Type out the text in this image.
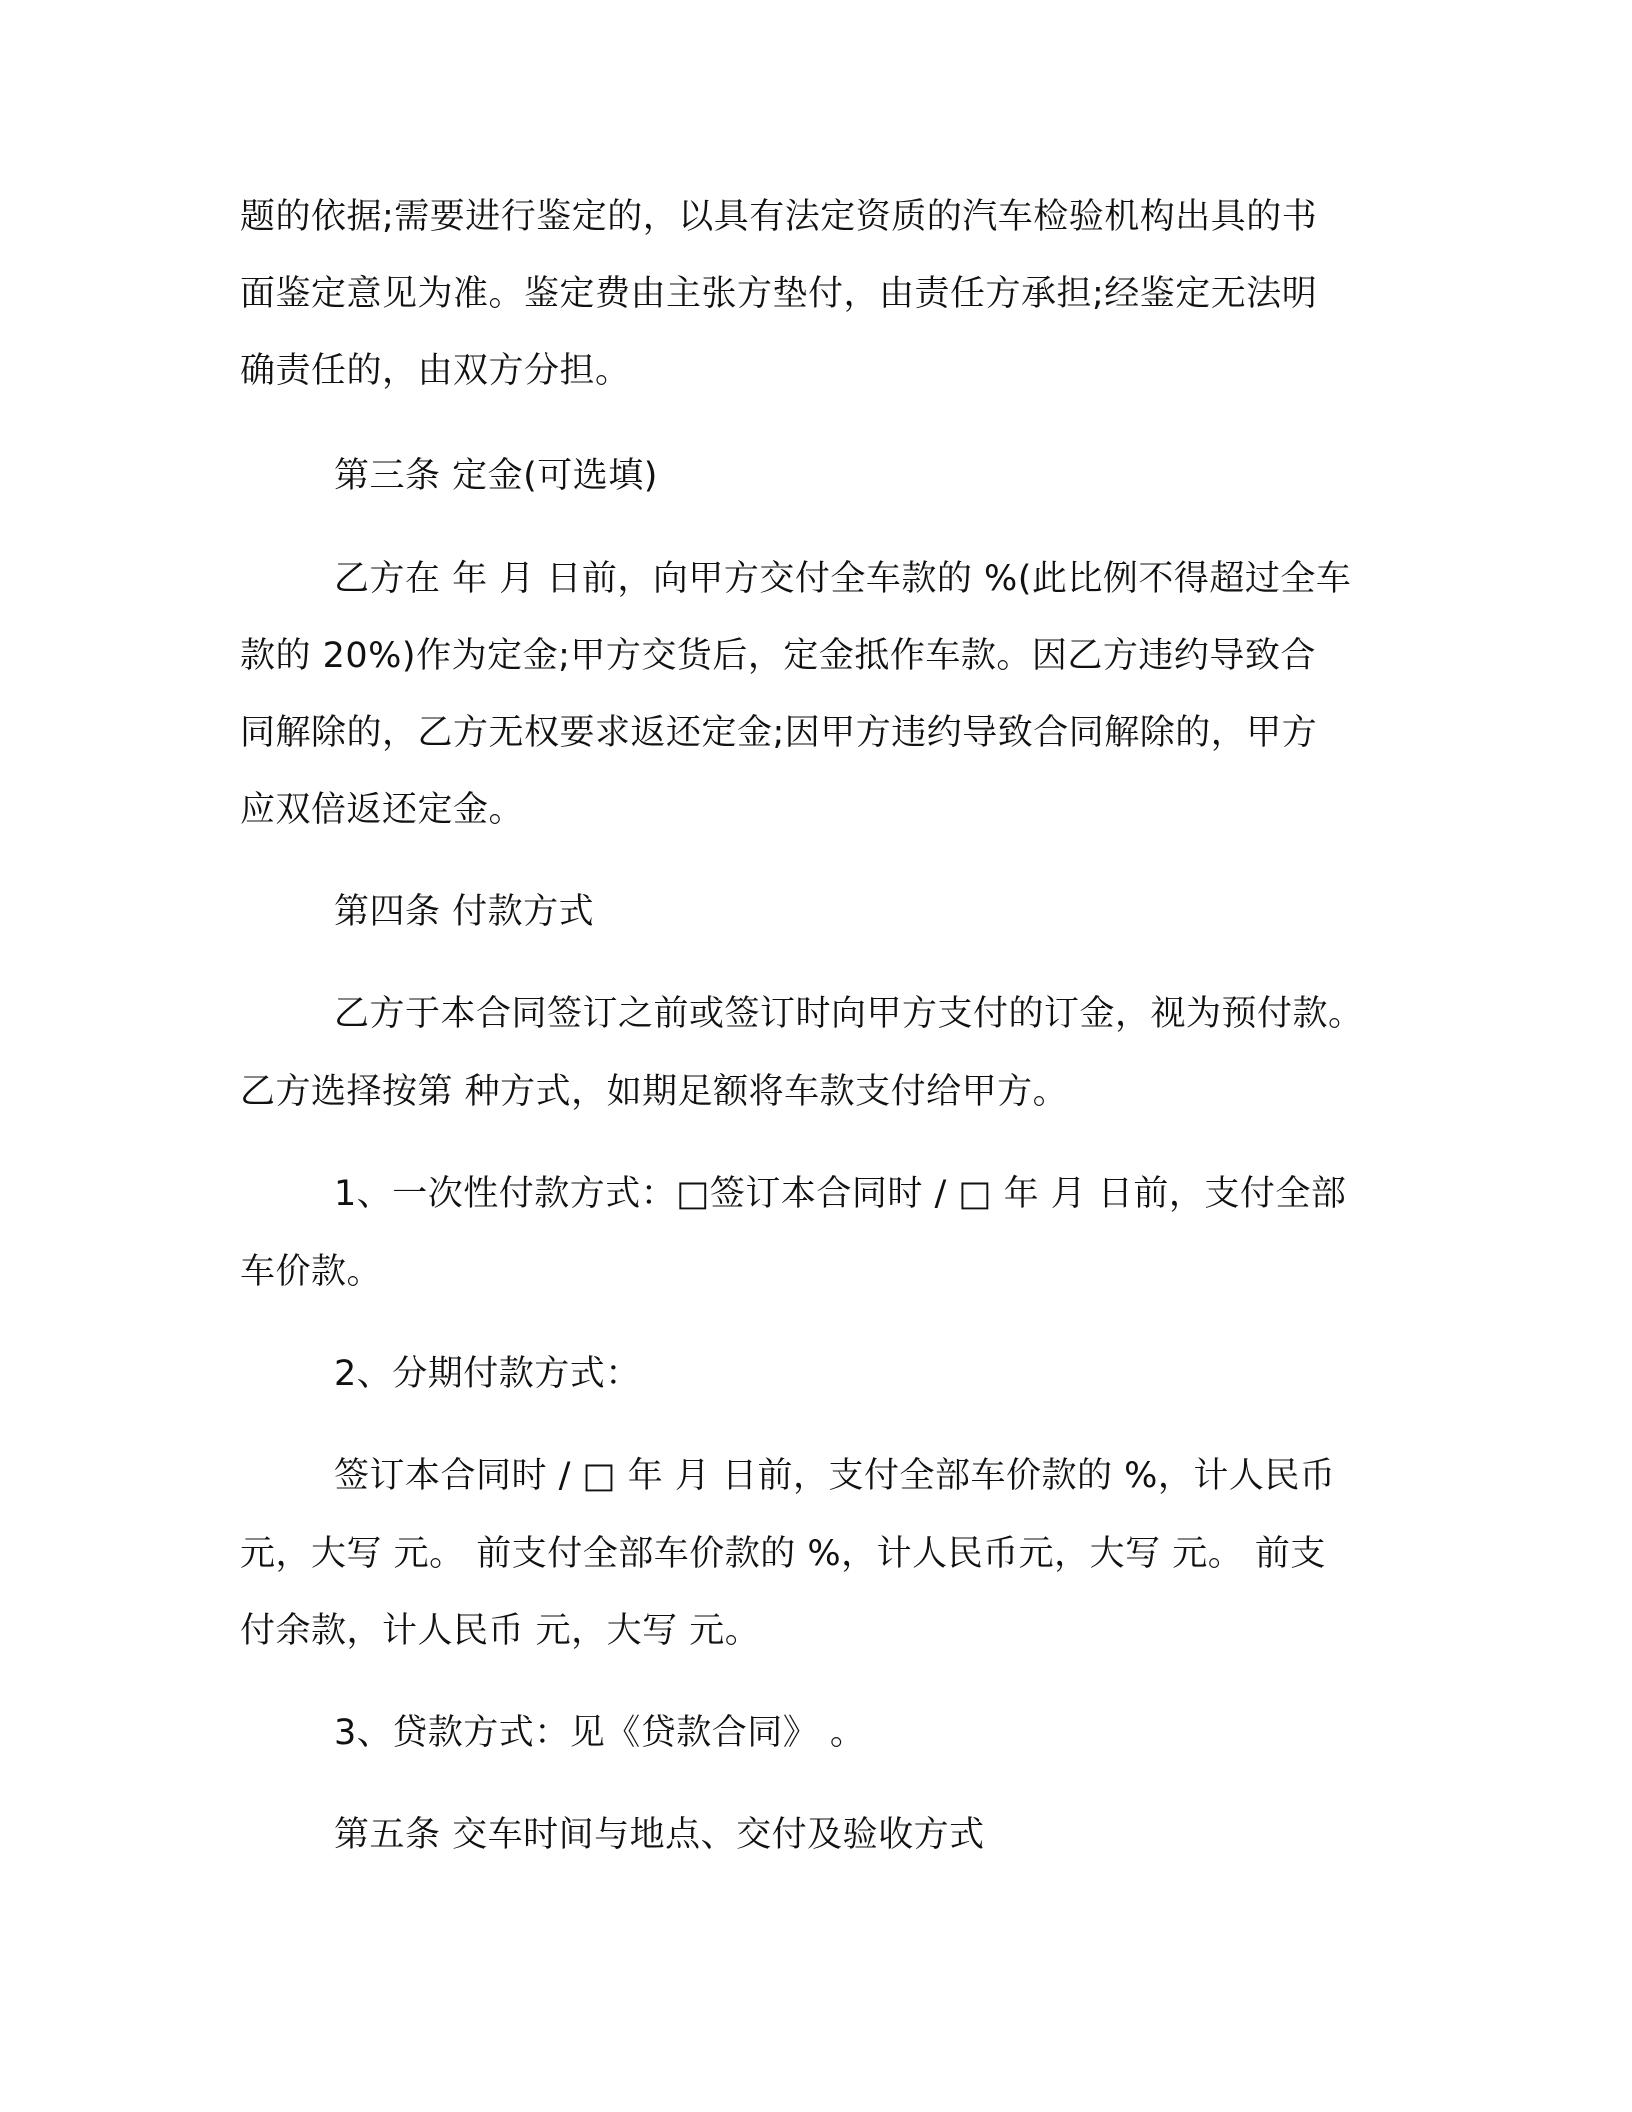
题的依据;需要进行鉴定的，以具有法定资质的汽车检验机构出具的书
面鉴定意见为准。鉴定费由主张方垫付，由责任方承担;经鉴定无法明
确责任的，由双方分担。
第三条 定金(可选填)
乙方在 年 月 日前，向甲方交付全车款的 %(此比例不得超过全车
款的 20%)作为定金;甲方交货后，定金抵作车款。因乙方违约导致合
同解除的，乙方无权要求返还定金;因甲方违约导致合同解除的，甲方
应双倍返还定金。
第四条 付款方式
乙方于本合同签订之前或签订时向甲方支付的订金，视为预付款。
乙方选择按第 种方式，如期足额将车款支付给甲方。
1、一次性付款方式：□签订本合同时 / □ 年 月 日前，支付全部
车价款。
2、分期付款方式：
签订本合同时 / □ 年 月 日前，支付全部车价款的 %，计人民币
元，大写 元。 前支付全部车价款的 %，计人民币元，大写 元。 前支
付余款，计人民币 元，大写 元。
3、贷款方式：见《贷款合同》 。
第五条 交车时间与地点、交付及验收方式
